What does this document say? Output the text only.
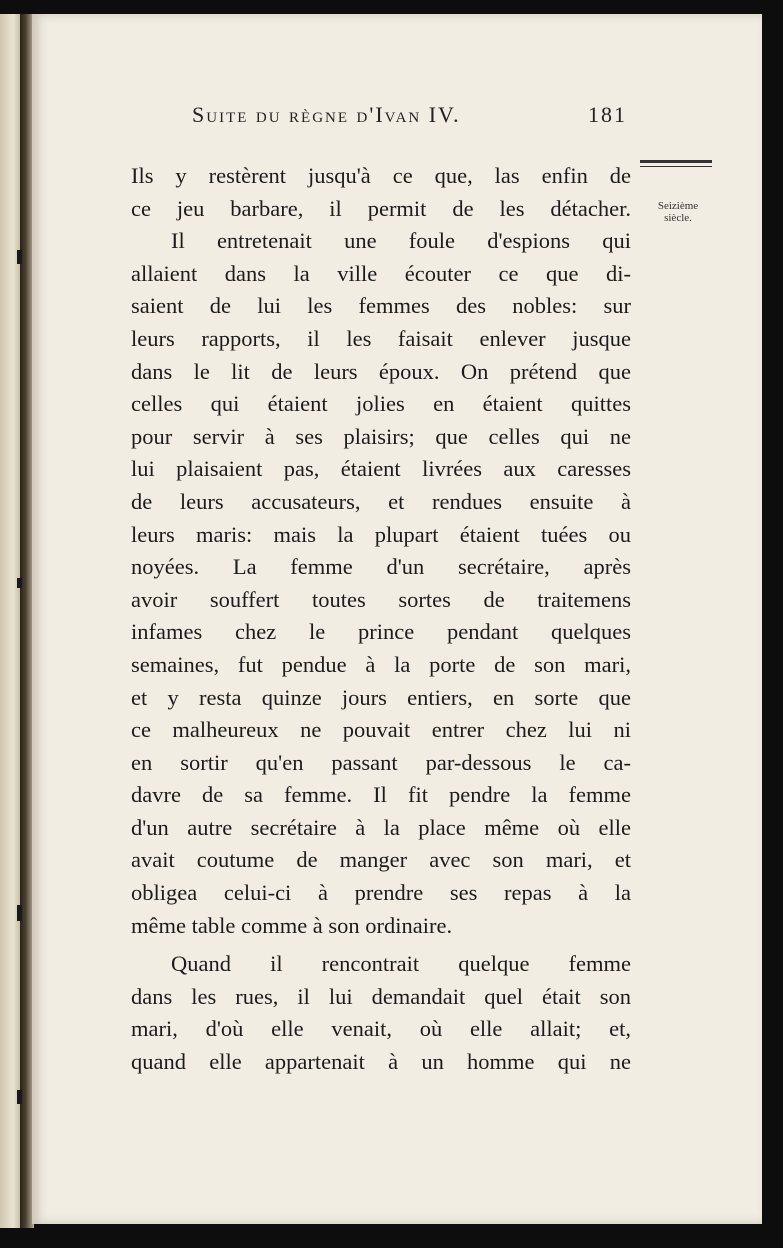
Suite du règne d'Ivan IV.	181
Seizième
siècle.
Ils y restèrent jusqu'à ce que, las enfin de
ce jeu barbare, il permit de les détacher.
Il entretenait une foule d'espions qui
allaient dans la ville écouter ce que di-
saient de lui les femmes des nobles: sur
leurs rapports, il les faisait enlever jusque
dans le lit de leurs époux. On prétend que
celles qui étaient jolies en étaient quittes
pour servir à ses plaisirs; que celles qui ne
lui plaisaient pas, étaient livrées aux caresses
de leurs accusateurs, et rendues ensuite à
leurs maris: mais la plupart étaient tuées ou
noyées. La femme d'un secrétaire, après
avoir souffert toutes sortes de traitemens
infames chez le prince pendant quelques
semaines, fut pendue à la porte de son mari,
et y resta quinze jours entiers, en sorte que
ce malheureux ne pouvait entrer chez lui ni
en sortir qu'en passant par-dessous le ca-
davre de sa femme. Il fit pendre la femme
d'un autre secrétaire à la place même où elle
avait coutume de manger avec son mari, et
obligea celui-ci à prendre ses repas à la
même table comme à son ordinaire.
Quand il rencontrait quelque femme
dans les rues, il lui demandait quel était son
mari, d'où elle venait, où elle allait; et,
quand elle appartenait à un homme qui ne
